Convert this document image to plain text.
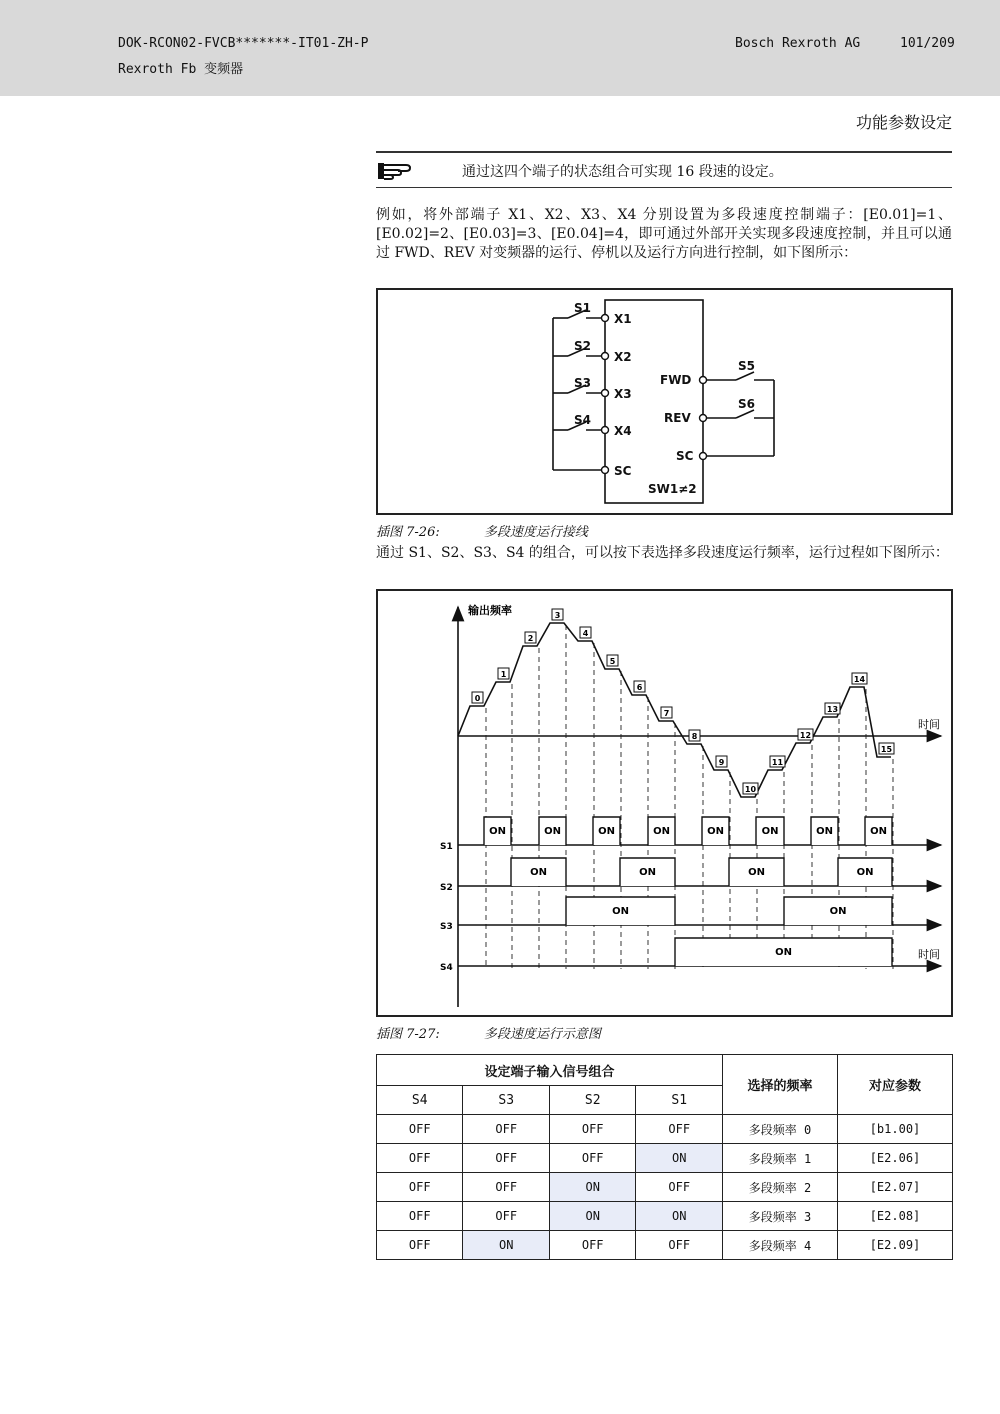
DOK-RCON02-FVCB*******-IT01-ZH-P
Rexroth Fb 变频器
Bosch Rexroth AG	101/209
功能参数设定
通过这四个端子的状态组合可实现 16 段速的设定。
例如，将外部端子 X1、X2、X3、X4 分别设置为多段速度控制端子：[E0.01]=1、[E0.02]=2、[E0.03]=3、[E0.04]=4，即可通过外部开关实现多段速度控制，并且可以通过 FWD、REV 对变频器的运行、停机以及运行方向进行控制，如下图所示：
X1
X2
X3
X4
SC
S1
S2
S3
S4
FWD
REV
SC
S5
S6
SW1≠2
插图 7-26:	多段速度运行接线
通过 S1、S2、S3、S4 的组合，可以按下表选择多段速度运行频率，运行过程如下图所示：
输出频率
时间
时间
0
1
2
3
4
5
6
7
8
9
10
11
12
13
14
15
S1
S2
S3
S4
ON	ON	ON	ON	ON	ON	ON	ON
ON	ON	ON	ON
ON	ON
ON
插图 7-27:	多段速度运行示意图
设定端子输入信号组合				选择的频率	对应参数
S4	S3	S2	S1		
OFF	OFF	OFF	OFF	多段频率 0	[b1.00]
OFF	OFF	OFF	ON	多段频率 1	[E2.06]
OFF	OFF	ON	OFF	多段频率 2	[E2.07]
OFF	OFF	ON	ON	多段频率 3	[E2.08]
OFF	ON	OFF	OFF	多段频率 4	[E2.09]
